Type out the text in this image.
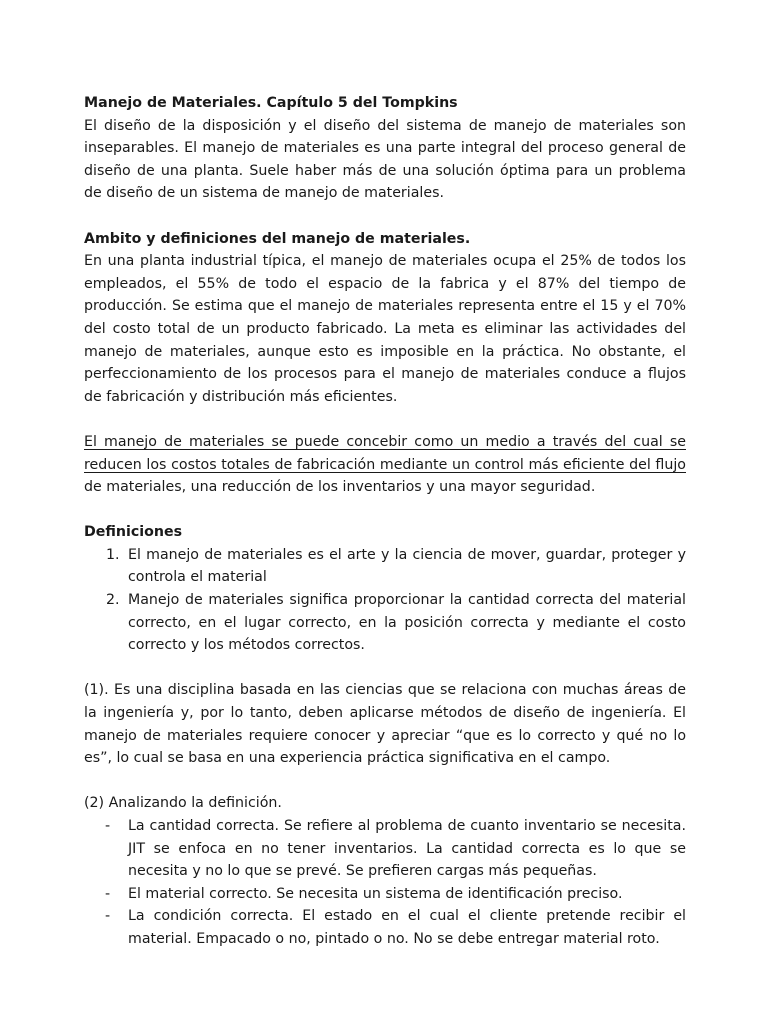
Manejo de Materiales. Capítulo 5 del Tompkins

El diseño de la disposición y el diseño del sistema de manejo de materiales son inseparables. El manejo de materiales es una parte integral del proceso general de diseño de una planta. Suele haber más de una solución óptima para un problema de diseño de un sistema de manejo de materiales.

Ambito y definiciones del manejo de materiales.

En una planta industrial típica, el manejo de materiales ocupa el 25% de todos los empleados, el 55% de todo el espacio de la fabrica y el 87% del tiempo de producción. Se estima que el manejo de materiales representa entre el 15 y el 70% del costo total de un producto fabricado. La meta es eliminar las actividades del manejo de materiales, aunque esto es imposible en la práctica. No obstante, el perfeccionamiento de los procesos para el manejo de materiales conduce a flujos de fabricación y distribución más eficientes.

El manejo de materiales se puede concebir como un medio a través del cual se reducen los costos totales de fabricación mediante un control más eficiente del flujo de materiales, una reducción de los inventarios y una mayor seguridad.

Definiciones

1. El manejo de materiales es el arte y la ciencia de mover, guardar, proteger y controla el material
2. Manejo de materiales significa proporcionar la cantidad correcta del material correcto, en el lugar correcto, en la posición correcta y mediante el costo correcto y los métodos correctos.

(1). Es una disciplina basada en las ciencias que se relaciona con muchas áreas de la ingeniería y, por lo tanto, deben aplicarse métodos de diseño de ingeniería. El manejo de materiales requiere conocer y apreciar “que es lo correcto y qué no lo es”, lo cual se basa en una experiencia práctica significativa en el campo.

(2) Analizando la definición.

- La cantidad correcta. Se refiere al problema de cuanto inventario se necesita. JIT se enfoca en no tener inventarios. La cantidad correcta es lo que se necesita y no lo que se prevé. Se prefieren cargas más pequeñas.
- El material correcto. Se necesita un sistema de identificación preciso.
- La condición correcta. El estado en el cual el cliente pretende recibir el material. Empacado o no, pintado o no. No se debe entregar material roto.
